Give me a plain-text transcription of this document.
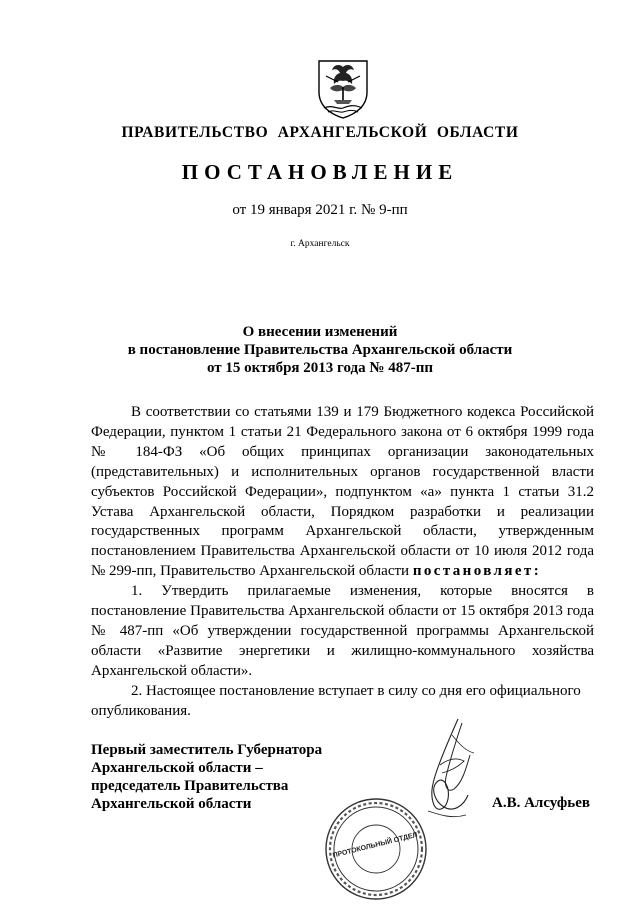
ПРАВИТЕЛЬСТВО АРХАНГЕЛЬСКОЙ ОБЛАСТИ
ПОСТАНОВЛЕНИЕ
от 19 января 2021 г. № 9-пп
г. Архангельск
О внесении изменений
в постановление Правительства Архангельской области
от 15 октября 2013 года № 487-пп

В соответствии со статьями 139 и 179 Бюджетного кодекса Российской Федерации, пунктом 1 статьи 21 Федерального закона от 6 октября 1999 года № 184-ФЗ «Об общих принципах организации законодательных (представительных) и исполнительных органов государственной власти субъектов Российской Федерации», подпунктом «а» пункта 1 статьи 31.2 Устава Архангельской области, Порядком разработки и реализации государственных программ Архангельской области, утвержденным постановлением Правительства Архангельской области от 10 июля 2012 года № 299-пп, Правительство Архангельской области постановляет:

1. Утвердить прилагаемые изменения, которые вносятся в постановление Правительства Архангельской области от 15 октября 2013 года № 487-пп «Об утверждении государственной программы Архангельской области «Развитие энергетики и жилищно-коммунального хозяйства Архангельской области».

2. Настоящее постановление вступает в силу со дня его официального опубликования.

Первый заместитель Губернатора
Архангельской области –
председатель Правительства
Архангельской области	А.В. Алсуфьев
ПРОТОКОЛЬНЫЙ ОТДЕЛ
